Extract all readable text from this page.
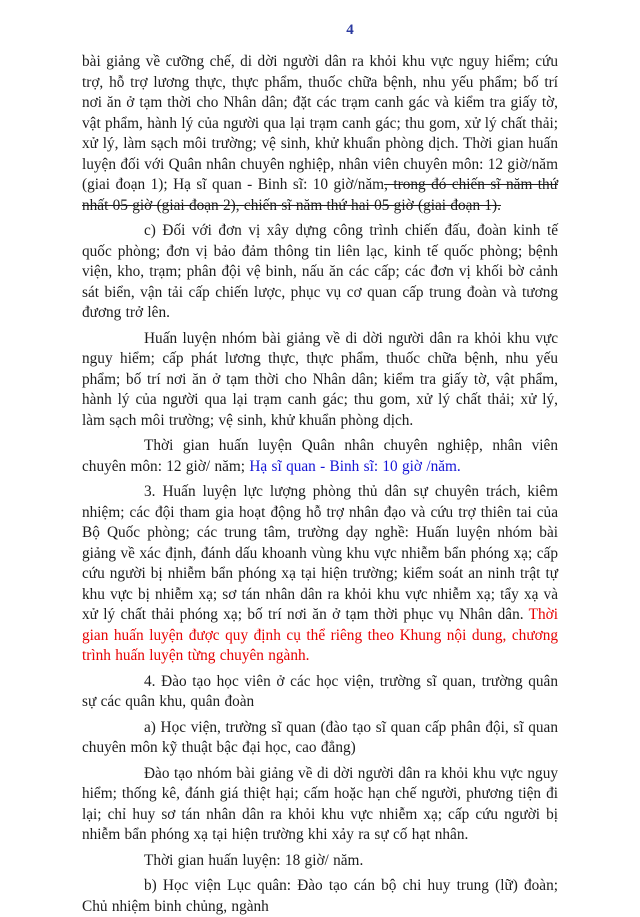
4

bài giảng về cưỡng chế, di dời người dân ra khỏi khu vực nguy hiểm; cứu trợ, hỗ trợ lương thực, thực phẩm, thuốc chữa bệnh, nhu yếu phẩm; bố trí nơi ăn ở tạm thời cho Nhân dân; đặt các trạm canh gác và kiểm tra giấy tờ, vật phẩm, hành lý của người qua lại trạm canh gác; thu gom, xử lý chất thải; xử lý, làm sạch môi trường; vệ sinh, khử khuẩn phòng dịch. Thời gian huấn luyện đối với Quân nhân chuyên nghiệp, nhân viên chuyên môn: 12 giờ/năm (giai đoạn 1); Hạ sĩ quan - Binh sĩ: 10 giờ/năm, trong đó chiến sĩ năm thứ nhất 05 giờ (giai đoạn 2), chiến sĩ năm thứ hai 05 giờ (giai đoạn 1).

c) Đối với đơn vị xây dựng công trình chiến đấu, đoàn kinh tế quốc phòng; đơn vị bảo đảm thông tin liên lạc, kinh tế quốc phòng; bệnh viện, kho, trạm; phân đội vệ binh, nấu ăn các cấp; các đơn vị khối bờ cảnh sát biển, vận tải cấp chiến lược, phục vụ cơ quan cấp trung đoàn và tương đương trở lên.

Huấn luyện nhóm bài giảng về di dời người dân ra khỏi khu vực nguy hiểm; cấp phát lương thực, thực phẩm, thuốc chữa bệnh, nhu yếu phẩm; bố trí nơi ăn ở tạm thời cho Nhân dân; kiểm tra giấy tờ, vật phẩm, hành lý của người qua lại trạm canh gác; thu gom, xử lý chất thải; xử lý, làm sạch môi trường; vệ sinh, khử khuẩn phòng dịch.

Thời gian huấn luyện Quân nhân chuyên nghiệp, nhân viên chuyên môn: 12 giờ/ năm; Hạ sĩ quan - Binh sĩ: 10 giờ /năm.

3. Huấn luyện lực lượng phòng thủ dân sự chuyên trách, kiêm nhiệm; các đội tham gia hoạt động hỗ trợ nhân đạo và cứu trợ thiên tai của Bộ Quốc phòng; các trung tâm, trường dạy nghề: Huấn luyện nhóm bài giảng về xác định, đánh dấu khoanh vùng khu vực nhiễm bẩn phóng xạ; cấp cứu người bị nhiễm bẩn phóng xạ tại hiện trường; kiểm soát an ninh trật tự khu vực bị nhiễm xạ; sơ tán nhân dân ra khỏi khu vực nhiễm xạ; tẩy xạ và xử lý chất thải phóng xạ; bố trí nơi ăn ở tạm thời phục vụ Nhân dân. Thời gian huấn luyện được quy định cụ thể riêng theo Khung nội dung, chương trình huấn luyện từng chuyên ngành.

4. Đào tạo học viên ở các học viện, trường sĩ quan, trường quân sự các quân khu, quân đoàn

a) Học viện, trường sĩ quan (đào tạo sĩ quan cấp phân đội, sĩ quan chuyên môn kỹ thuật bậc đại học, cao đẳng)

Đào tạo nhóm bài giảng về di dời người dân ra khỏi khu vực nguy hiểm; thống kê, đánh giá thiệt hại; cấm hoặc hạn chế người, phương tiện đi lại; chỉ huy sơ tán nhân dân ra khỏi khu vực nhiễm xạ; cấp cứu người bị nhiễm bẩn phóng xạ tại hiện trường khi xảy ra sự cố hạt nhân.

Thời gian huấn luyện: 18 giờ/ năm.

b) Học viện Lục quân: Đào tạo cán bộ chi huy trung (lữ) đoàn; Chủ nhiệm binh chủng, ngành
